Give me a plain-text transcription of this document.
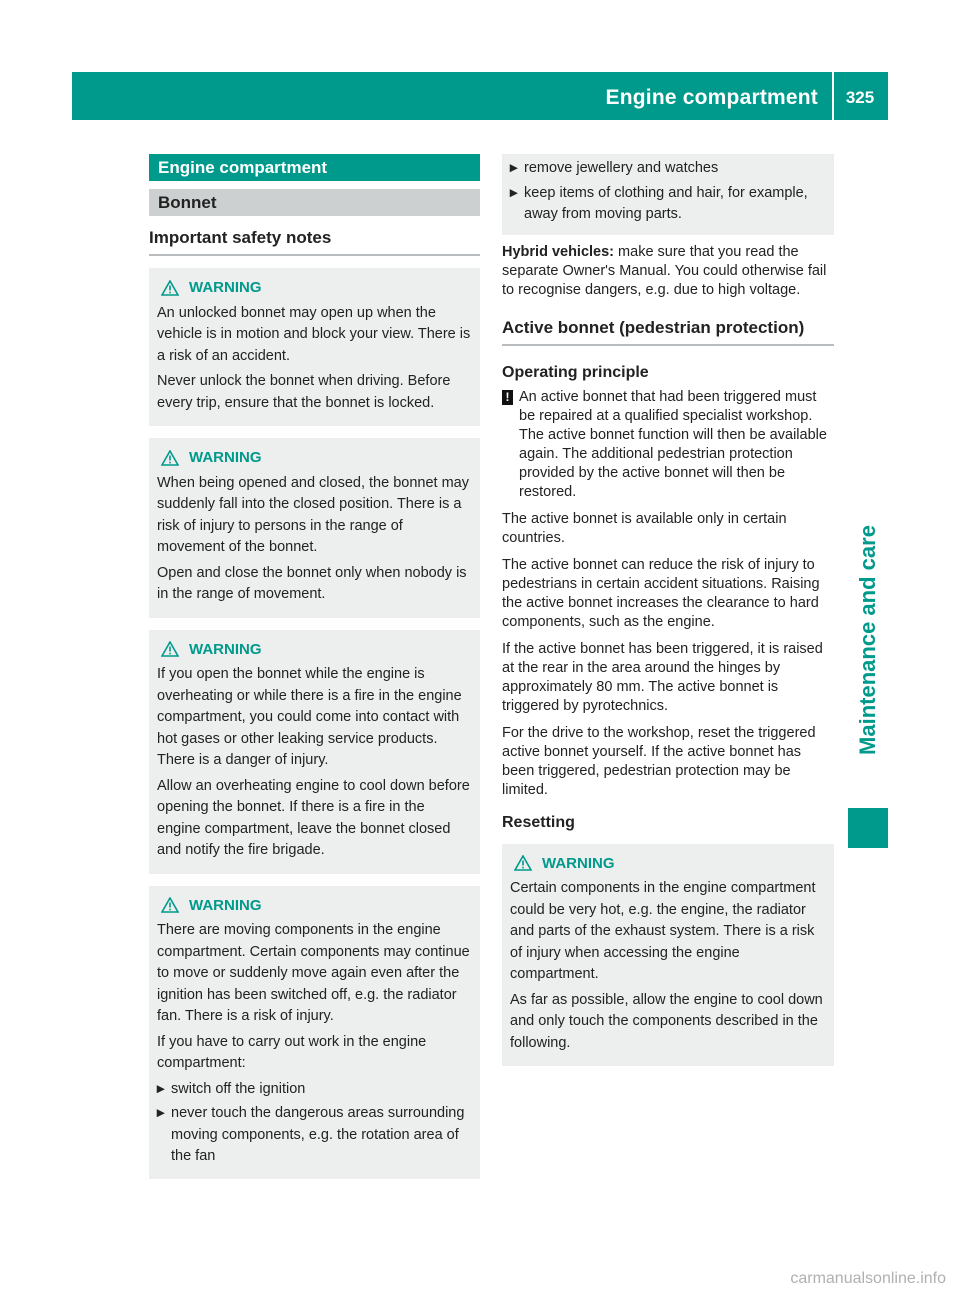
Engine compartment	325
Maintenance and care
Engine compartment
Bonnet
Important safety notes
WARNING

An unlocked bonnet may open up when the vehicle is in motion and block your view. There is a risk of an accident.

Never unlock the bonnet when driving. Before every trip, ensure that the bonnet is locked.

WARNING

When being opened and closed, the bonnet may suddenly fall into the closed position. There is a risk of injury to persons in the range of movement of the bonnet.

Open and close the bonnet only when nobody is in the range of movement.

WARNING

If you open the bonnet while the engine is overheating or while there is a fire in the engine compartment, you could come into contact with hot gases or other leaking service products. There is a danger of injury.

Allow an overheating engine to cool down before opening the bonnet. If there is a fire in the engine compartment, leave the bonnet closed and notify the fire brigade.

WARNING

There are moving components in the engine compartment. Certain components may continue to move or suddenly move again even after the ignition has been switched off, e.g. the radiator fan. There is a risk of injury.

If you have to carry out work in the engine compartment:

▸ switch off the ignition
▸ never touch the dangerous areas surrounding moving components, e.g. the rotation area of the fan
▸ remove jewellery and watches
▸ keep items of clothing and hair, for example, away from moving parts.

Hybrid vehicles: make sure that you read the separate Owner's Manual. You could otherwise fail to recognise dangers, e.g. due to high voltage.

Active bonnet (pedestrian protection)
Operating principle
! An active bonnet that had been triggered must be repaired at a qualified specialist workshop. The active bonnet function will then be available again. The additional pedestrian protection provided by the active bonnet will then be restored.

The active bonnet is available only in certain countries.

The active bonnet can reduce the risk of injury to pedestrians in certain accident situations. Raising the active bonnet increases the clearance to hard components, such as the engine.

If the active bonnet has been triggered, it is raised at the rear in the area around the hinges by approximately 80 mm. The active bonnet is triggered by pyrotechnics.

For the drive to the workshop, reset the triggered active bonnet yourself. If the active bonnet has been triggered, pedestrian protection may be limited.

Resetting
WARNING

Certain components in the engine compartment could be very hot, e.g. the engine, the radiator and parts of the exhaust system. There is a risk of injury when accessing the engine compartment.

As far as possible, allow the engine to cool down and only touch the components described in the following.

carmanualsonline.info
